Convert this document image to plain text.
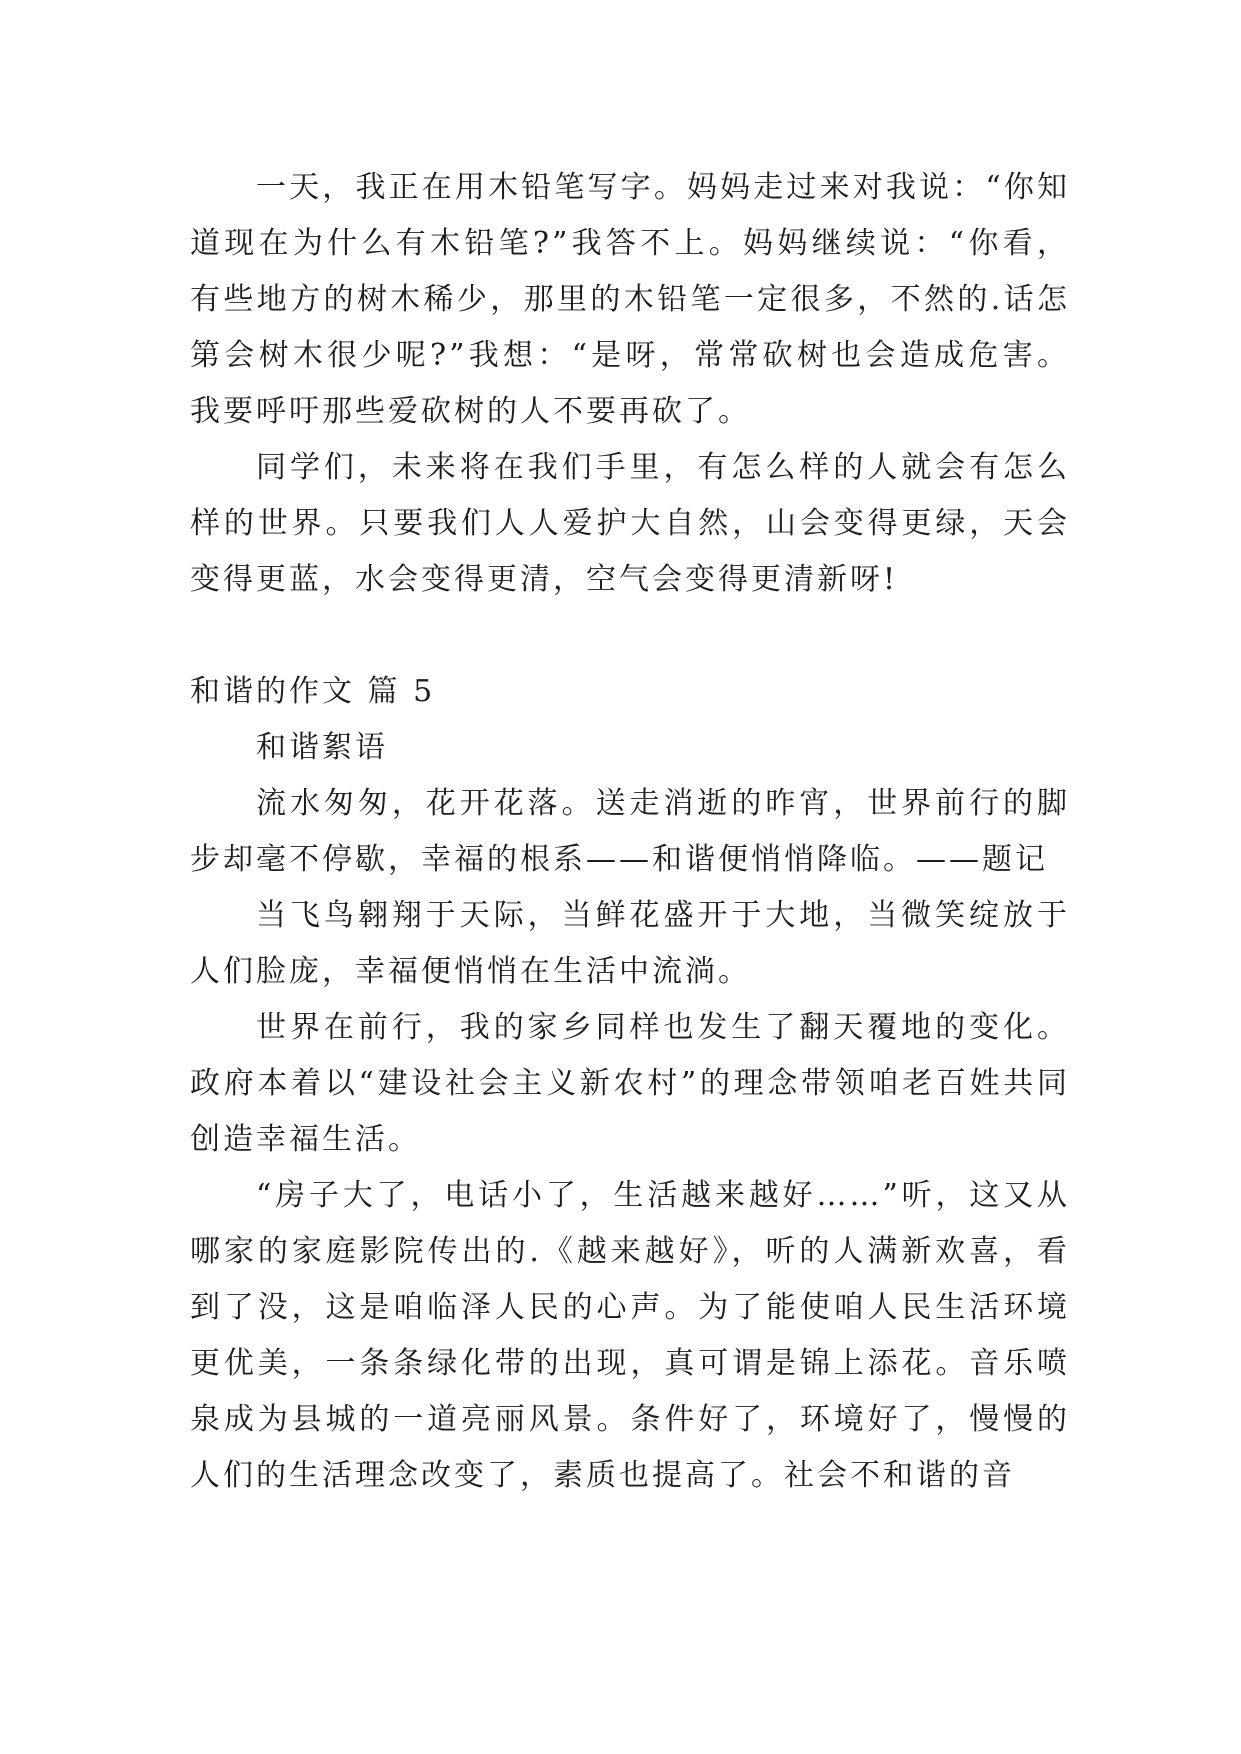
一天，我正在用木铅笔写字。妈妈走过来对我说：“你知道现在为什么有木铅笔?”我答不上。妈妈继续说：“你看，有些地方的树木稀少，那里的木铅笔一定很多，不然的.话怎第会树木很少呢?”我想：“是呀，常常砍树也会造成危害。我要呼吁那些爱砍树的人不要再砍了。

同学们，未来将在我们手里，有怎么样的人就会有怎么样的世界。只要我们人人爱护大自然，山会变得更绿，天会变得更蓝，水会变得更清，空气会变得更清新呀!

和谐的作文 篇 5

和谐絮语

流水匆匆，花开花落。送走消逝的昨宵，世界前行的脚步却毫不停歇，幸福的根系——和谐便悄悄降临。——题记

当飞鸟翱翔于天际，当鲜花盛开于大地，当微笑绽放于人们脸庞，幸福便悄悄在生活中流淌。

世界在前行，我的家乡同样也发生了翻天覆地的变化。政府本着以“建设社会主义新农村”的理念带领咱老百姓共同创造幸福生活。

“房子大了，电话小了，生活越来越好……”听，这又从哪家的家庭影院传出的.《越来越好》，听的人满新欢喜，看到了没，这是咱临泽人民的心声。为了能使咱人民生活环境更优美，一条条绿化带的出现，真可谓是锦上添花。音乐喷泉成为县城的一道亮丽风景。条件好了，环境好了，慢慢的人们的生活理念改变了，素质也提高了。社会不和谐的音
